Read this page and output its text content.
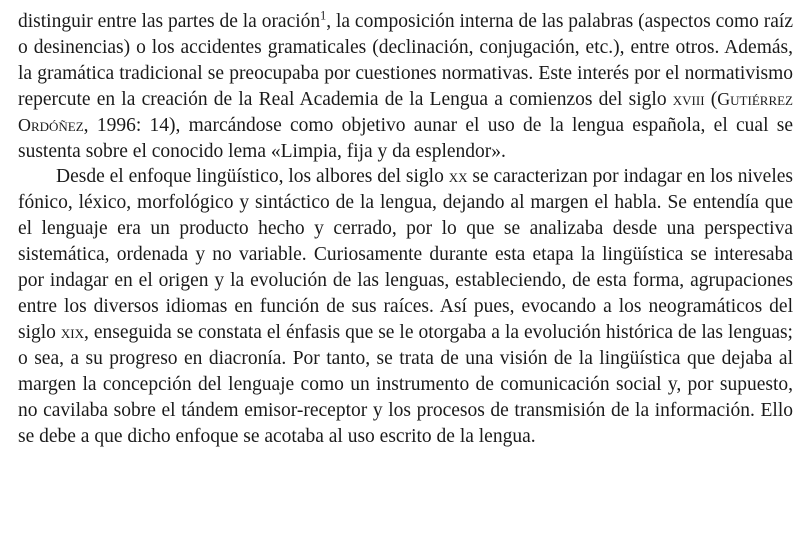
distinguir entre las partes de la oración$^1$, la composición interna de las palabras (aspectos como raíz o desinencias) o los accidentes gramaticales (declinación, conjugación, etc.), entre otros. Además, la gramática tradicional se preocupaba por cuestiones normativas. Este interés por el normativismo repercute en la creación de la Real Academia de la Lengua a comienzos del siglo xviii (Gutiérrez Ordóñez, 1996: 14), marcándose como objetivo aunar el uso de la lengua española, el cual se sustenta sobre el conocido lema «Limpia, fija y da esplendor».

Desde el enfoque lingüístico, los albores del siglo xx se caracterizan por indagar en los niveles fónico, léxico, morfológico y sintáctico de la lengua, dejando al margen el habla. Se entendía que el lenguaje era un producto hecho y cerrado, por lo que se analizaba desde una perspectiva sistemática, ordenada y no variable. Curiosamente durante esta etapa la lingüística se interesaba por indagar en el origen y la evolución de las lenguas, estableciendo, de esta forma, agrupaciones entre los diversos idiomas en función de sus raíces. Así pues, evocando a los neogramáticos del siglo xix, enseguida se constata el énfasis que se le otorgaba a la evolución histórica de las lenguas; o sea, a su progreso en diacronía. Por tanto, se trata de una visión de la lingüística que dejaba al margen la concepción del lenguaje como un instrumento de comunicación social y, por supuesto, no cavilaba sobre el tándem emisor-receptor y los procesos de transmisión de la información. Ello se debe a que dicho enfoque se acotaba al uso escrito de la lengua.
